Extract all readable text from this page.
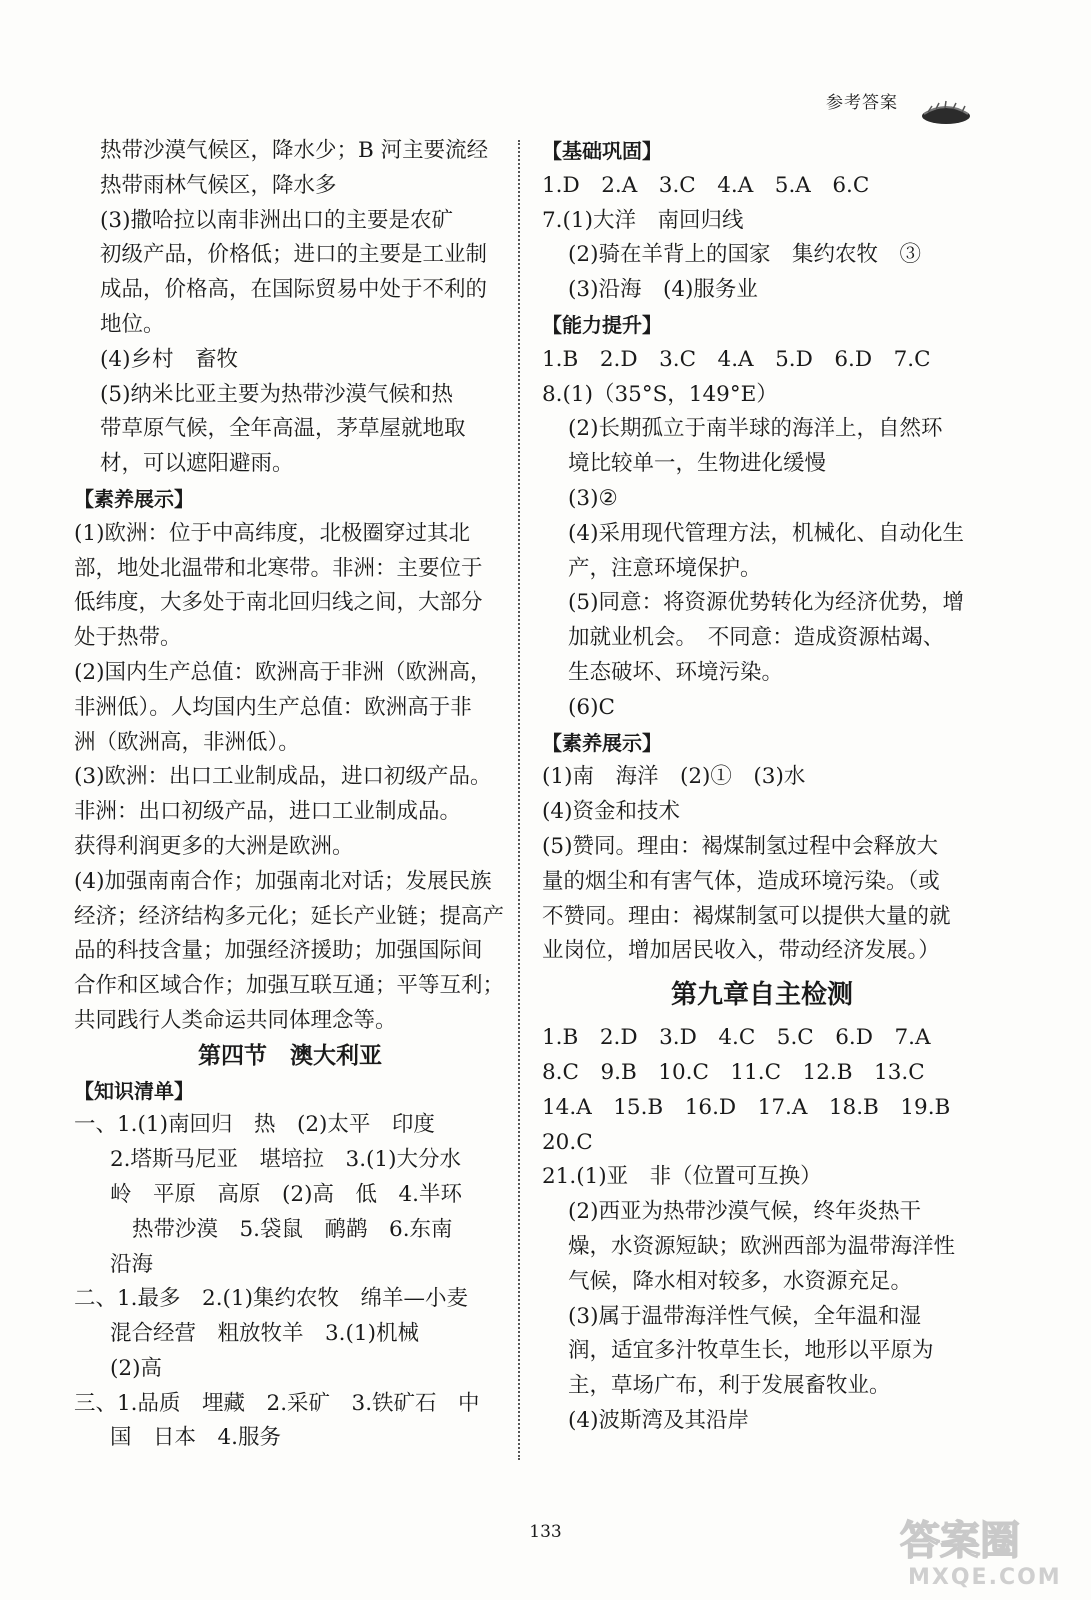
参考答案
热带沙漠气候区，降水少；B 河主要流经
热带雨林气候区，降水多
(3)撒哈拉以南非洲出口的主要是农矿
初级产品，价格低；进口的主要是工业制
成品，价格高，在国际贸易中处于不利的
地位。
(4)乡村　畜牧
(5)纳米比亚主要为热带沙漠气候和热
带草原气候，全年高温，茅草屋就地取
材，可以遮阳避雨。
【素养展示】
(1)欧洲：位于中高纬度，北极圈穿过其北
部，地处北温带和北寒带。非洲：主要位于
低纬度，大多处于南北回归线之间，大部分
处于热带。
(2)国内生产总值：欧洲高于非洲（欧洲高，
非洲低）。人均国内生产总值：欧洲高于非
洲（欧洲高，非洲低）。
(3)欧洲：出口工业制成品，进口初级产品。
非洲：出口初级产品，进口工业制成品。
获得利润更多的大洲是欧洲。
(4)加强南南合作；加强南北对话；发展民族
经济；经济结构多元化；延长产业链；提高产
品的科技含量；加强经济援助；加强国际间
合作和区域合作；加强互联互通；平等互利；
共同践行人类命运共同体理念等。
第四节　澳大利亚
【知识清单】
一、1.(1)南回归　热　(2)太平　印度
2.塔斯马尼亚　堪培拉　3.(1)大分水
岭　平原　高原　(2)高　低　4.半环
热带沙漠　5.袋鼠　鸸鹋　6.东南
沿海
二、1.最多　2.(1)集约农牧　绵羊—小麦
混合经营　粗放牧羊　3.(1)机械
(2)高
三、1.品质　埋藏　2.采矿　3.铁矿石　中
国　日本　4.服务
【基础巩固】
1.D　2.A　3.C　4.A　5.A　6.C
7.(1)大洋　南回归线
(2)骑在羊背上的国家　集约农牧　③
(3)沿海　(4)服务业
【能力提升】
1.B　2.D　3.C　4.A　5.D　6.D　7.C
8.(1)（35°S，149°E）
(2)长期孤立于南半球的海洋上，自然环
境比较单一，生物进化缓慢
(3)②
(4)采用现代管理方法，机械化、自动化生
产，注意环境保护。
(5)同意：将资源优势转化为经济优势，增
加就业机会。　不同意：造成资源枯竭、
生态破坏、环境污染。
(6)C
【素养展示】
(1)南　海洋　(2)①　(3)水
(4)资金和技术
(5)赞同。理由：褐煤制氢过程中会释放大
量的烟尘和有害气体，造成环境污染。（或
不赞同。理由：褐煤制氢可以提供大量的就
业岗位，增加居民收入，带动经济发展。）
第九章自主检测
1.B　2.D　3.D　4.C　5.C　6.D　7.A
8.C　9.B　10.C　11.C　12.B　13.C
14.A　15.B　16.D　17.A　18.B　19.B
20.C
21.(1)亚　非（位置可互换）
(2)西亚为热带沙漠气候，终年炎热干
燥，水资源短缺；欧洲西部为温带海洋性
气候，降水相对较多，水资源充足。
(3)属于温带海洋性气候，全年温和湿
润，适宜多汁牧草生长，地形以平原为
主，草场广布，利于发展畜牧业。
(4)波斯湾及其沿岸
133	答案圈
MXQE.COM
